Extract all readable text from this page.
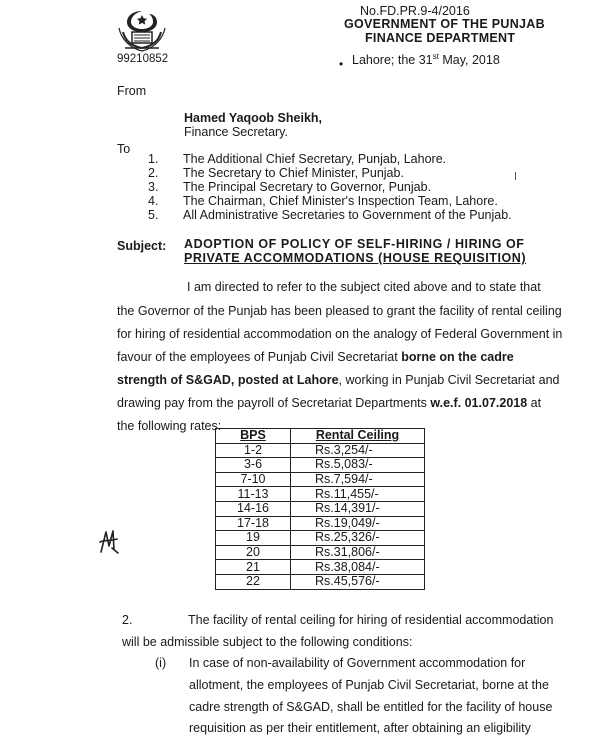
No.FD.PR.9-4/2016
GOVERNMENT OF THE PUNJAB
FINANCE DEPARTMENT
99210852	• Lahore; the 31st May, 2018
From
Hamed Yaqoob Sheikh,
Finance Secretary.
To
1. The Additional Chief Secretary, Punjab, Lahore.
2. The Secretary to Chief Minister, Punjab.
3. The Principal Secretary to Governor, Punjab.
4. The Chairman, Chief Minister's Inspection Team, Lahore.
5. All Administrative Secretaries to Government of the Punjab.
Subject: ADOPTION OF POLICY OF SELF-HIRING / HIRING OF
PRIVATE ACCOMMODATIONS (HOUSE REQUISITION)
I am directed to refer to the subject cited above and to state that
the Governor of the Punjab has been pleased to grant the facility of rental ceiling
for hiring of residential accommodation on the analogy of Federal Government in
favour of the employees of Punjab Civil Secretariat borne on the cadre
strength of S&GAD, posted at Lahore, working in Punjab Civil Secretariat and
drawing pay from the payroll of Secretariat Departments w.e.f. 01.07.2018 at
the following rates:
BPS	Rental Ceiling
1-2	Rs.3,254/-
3-6	Rs.5,083/-
7-10	Rs.7,594/-
11-13	Rs.11,455/-
14-16	Rs.14,391/-
17-18	Rs.19,049/-
19	Rs.25,326/-
20	Rs.31,806/-
21	Rs.38,084/-
22	Rs.45,576/-
2.	The facility of rental ceiling for hiring of residential accommodation
will be admissible subject to the following conditions:
(i) In case of non-availability of Government accommodation for
allotment, the employees of Punjab Civil Secretariat, borne at the
cadre strength of S&GAD, shall be entitled for the facility of house
requisition as per their entitlement, after obtaining an eligibility
